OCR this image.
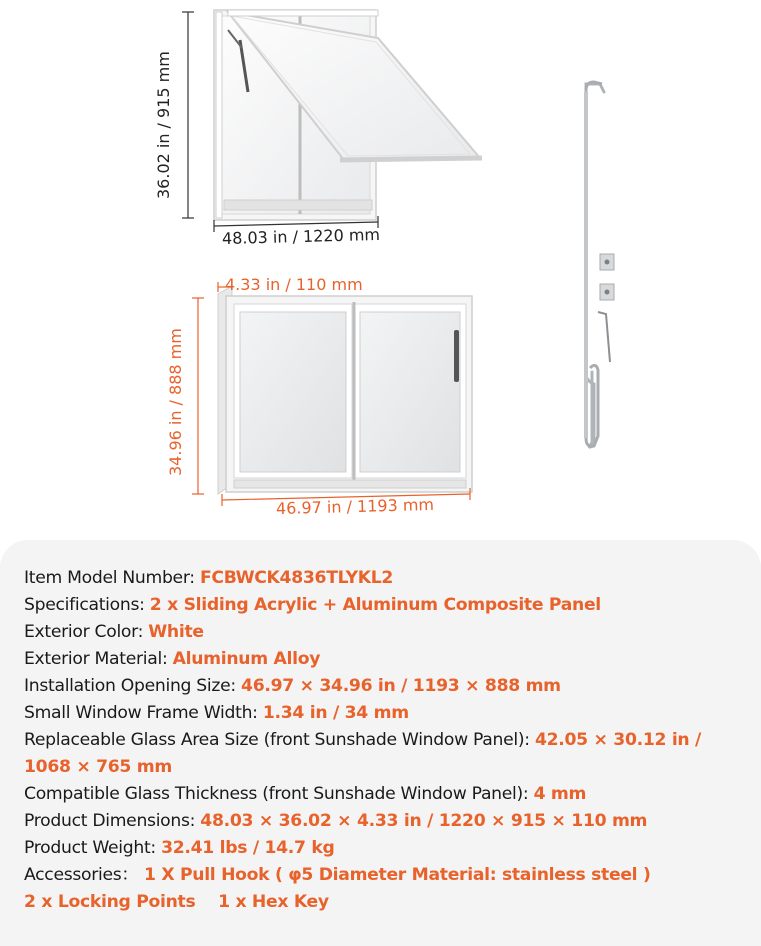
36.02 in / 915 mm
48.03 in / 1220 mm
4.33 in / 110 mm
34.96 in / 888 mm
46.97 in / 1193 mm
Item Model Number: FCBWCK4836TLYKL2
Specifications: 2 x Sliding Acrylic + Aluminum Composite Panel
Exterior Color: White
Exterior Material: Aluminum Alloy
Installation Opening Size: 46.97 × 34.96 in / 1193 × 888 mm
Small Window Frame Width: 1.34 in / 34 mm
Replaceable Glass Area Size (front Sunshade Window Panel): 42.05 × 30.12 in /
1068 × 765 mm
Compatible Glass Thickness (front Sunshade Window Panel): 4 mm
Product Dimensions: 48.03 × 36.02 × 4.33 in / 1220 × 915 × 110 mm
Product Weight: 32.41 lbs / 14.7 kg
Accessories： 1 X Pull Hook ( φ5 Diameter Material: stainless steel )
2 x Locking Points    1 x Hex Key
